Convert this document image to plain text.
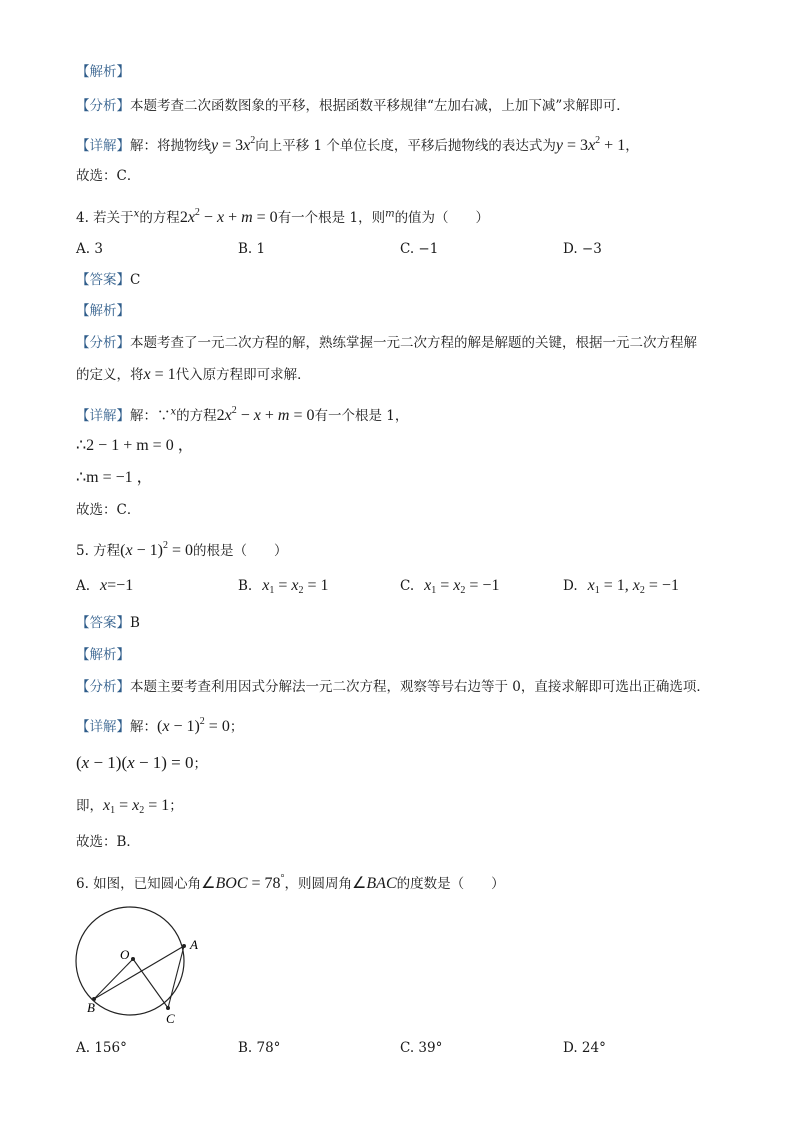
【解析】
【分析】本题考查二次函数图象的平移，根据函数平移规律“左加右减，上加下减”求解即可．
【详解】解：将抛物线$y = 3x^2$向上平移 1 个单位长度，平移后抛物线的表达式为$y = 3x^2 + 1$，
故选：C．
4. 若关于$^x$的方程$2x^2 - x + m = 0$有一个根是 1，则$^m$的值为（　　）
A. 3	B. 1	C. −1	D. −3
【答案】C
【解析】
【分析】本题考查了一元二次方程的解，熟练掌握一元二次方程的解是解题的关键，根据一元二次方程解
的定义，将x = 1代入原方程即可求解．
【详解】解：∵$^x$的方程$2x^2 - x + m = 0$有一个根是 1，
∴2 − 1 + m = 0 ，
∴m = −1 ，
故选：C．
5. 方程$(x - 1)^2 = 0$的根是（　　）
A. x=−1	B. $x_1 = x_2 = 1$	C. $x_1 = x_2 = -1$	D. $x_1 = 1$, $x_2 = -1$
【答案】B
【解析】
【分析】本题主要考查利用因式分解法一元二次方程，观察等号右边等于 0，直接求解即可选出正确选项．
【详解】解：$(x - 1)^2 = 0$；
(x − 1)(x − 1) = 0；
即，$x_1 = x_2 = 1$；
故选：B．
6. 如图，已知圆心角∠BOC = 78°，则圆周角∠BAC的度数是（　　）
O
A
B
C
A. 156°	B. 78°	C. 39°	D. 24°
